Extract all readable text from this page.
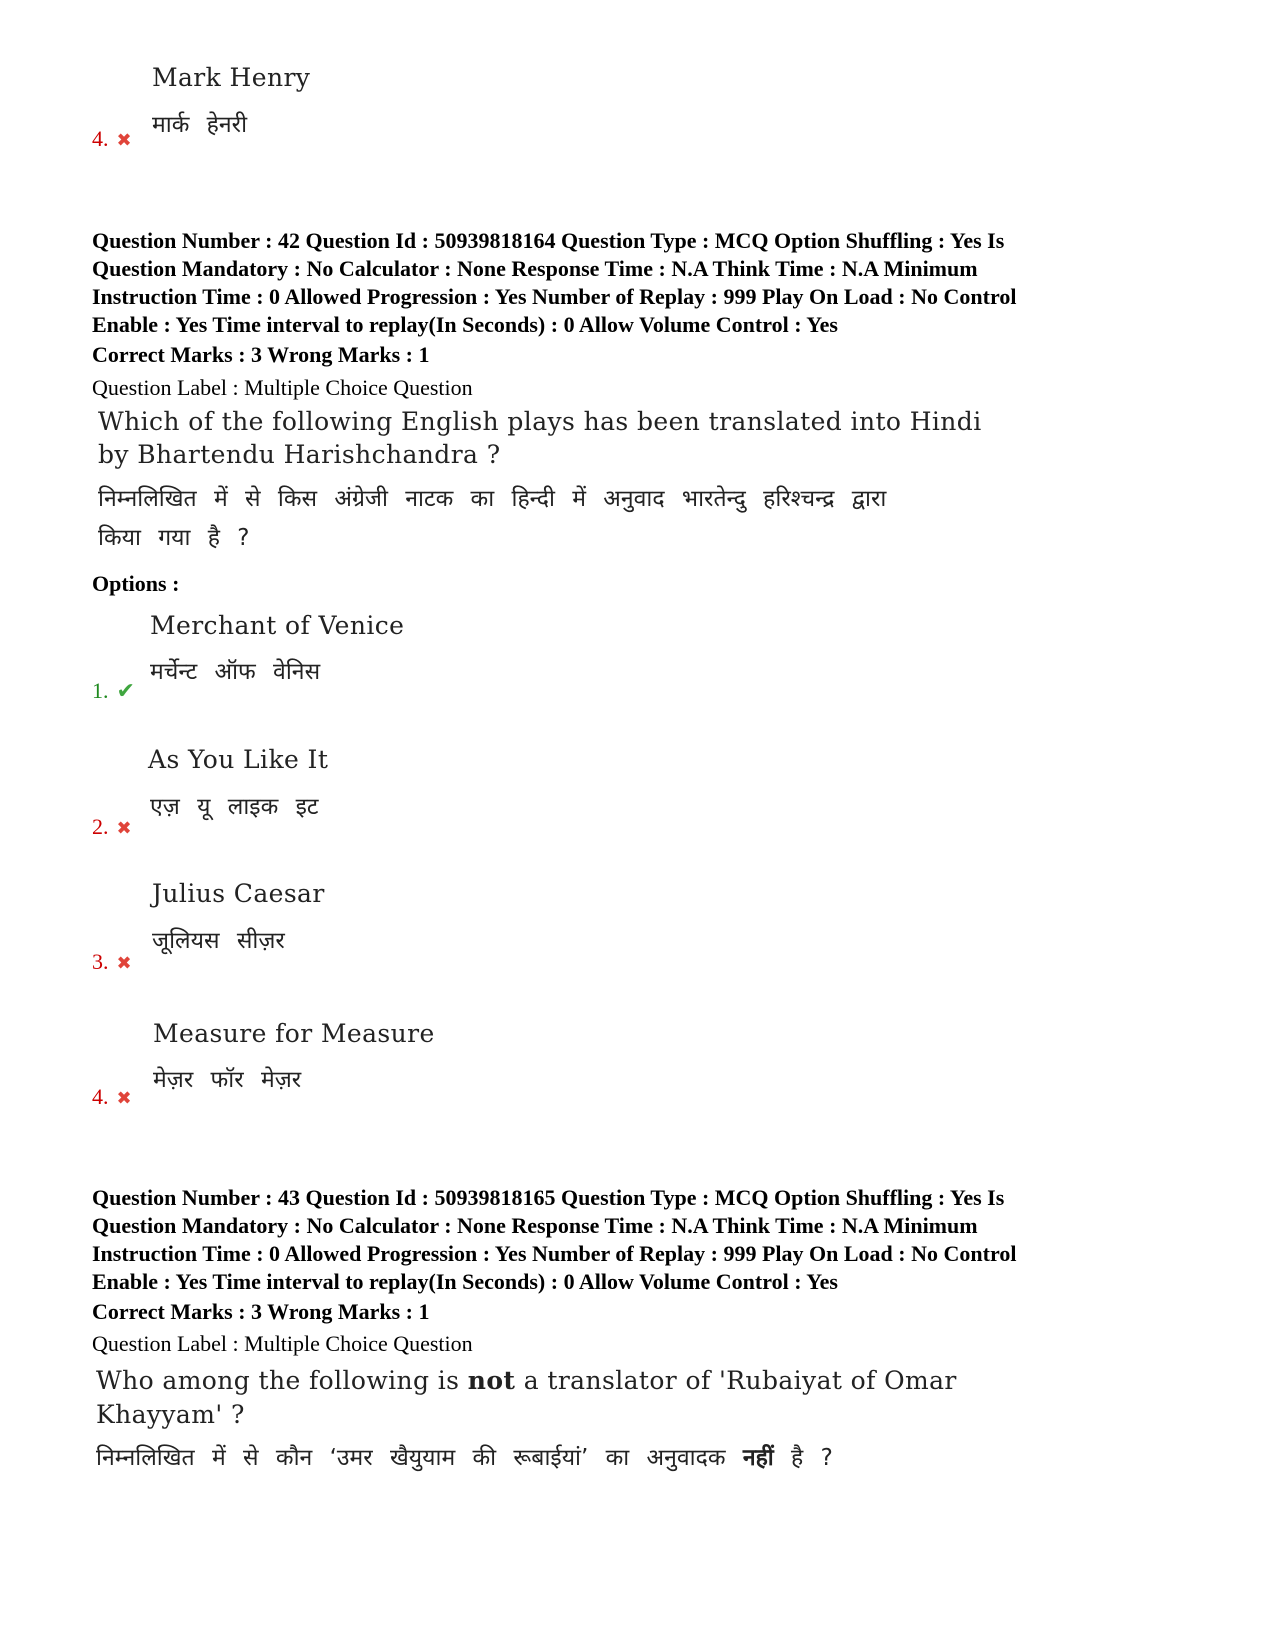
Mark Henry
मार्क हेनरी
4. ✖

Question Number : 42 Question Id : 50939818164 Question Type : MCQ Option Shuffling : Yes Is

Question Mandatory : No Calculator : None Response Time : N.A Think Time : N.A Minimum

Instruction Time : 0 Allowed Progression : Yes Number of Replay : 999 Play On Load : No Control

Enable : Yes Time interval to replay(In Seconds) : 0 Allow Volume Control : Yes

Correct Marks : 3 Wrong Marks : 1
Question Label : Multiple Choice Question
Which of the following English plays has been translated into Hindi
by Bhartendu Harishchandra ?
निम्नलिखित में से किस अंग्रेजी नाटक का हिन्दी में अनुवाद भारतेन्दु हरिश्चन्द्र द्वारा
किया गया है ?
Options :
Merchant of Venice
मर्चेन्ट ऑफ वेनिस
1. ✔
As You Like It
एज़ यू लाइक इट
2. ✖
Julius Caesar
जूलियस सीज़र
3. ✖
Measure for Measure
मेज़र फॉर मेज़र
4. ✖

Question Number : 43 Question Id : 50939818165 Question Type : MCQ Option Shuffling : Yes Is

Question Mandatory : No Calculator : None Response Time : N.A Think Time : N.A Minimum

Instruction Time : 0 Allowed Progression : Yes Number of Replay : 999 Play On Load : No Control

Enable : Yes Time interval to replay(In Seconds) : 0 Allow Volume Control : Yes

Correct Marks : 3 Wrong Marks : 1
Question Label : Multiple Choice Question
Who among the following is not a translator of 'Rubaiyat of Omar
Khayyam' ?
निम्नलिखित में से कौन ‘उमर खैयुयाम की रूबाईयां’ का अनुवादक नहीं है ?
